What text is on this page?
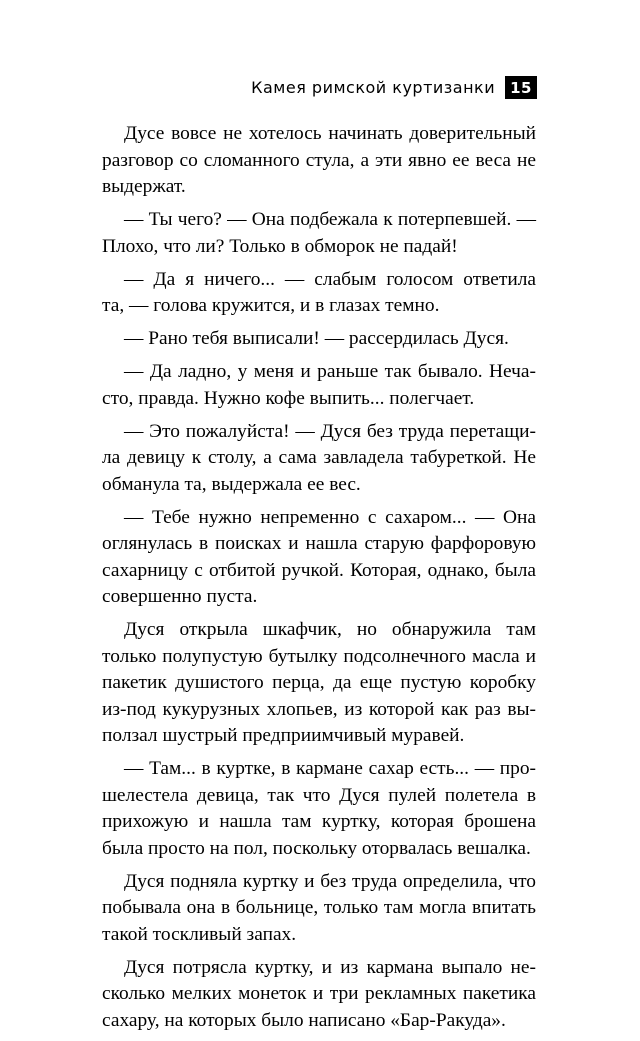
Камея римской куртизанки	15
Дусе вовсе не хотелось начинать доверительный
разговор со сломанного стула, а эти явно ее веса не
выдержат.
— Ты чего? — Она подбежала к потерпевшей. —
Плохо, что ли? Только в обморок не падай!
— Да я ничего... — слабым голосом ответила
та, — голова кружится, и в глазах темно.
— Рано тебя выписали! — рассердилась Дуся.
— Да ладно, у меня и раньше так бывало. Неча-
сто, правда. Нужно кофе выпить... полегчает.
— Это пожалуйста! — Дуся без труда перетащи-
ла девицу к столу, а сама завладела табуреткой. Не
обманула та, выдержала ее вес.
— Тебе нужно непременно с сахаром... — Она
оглянулась в поисках и нашла старую фарфоровую
сахарницу с отбитой ручкой. Которая, однако, была
совершенно пуста.
Дуся открыла шкафчик, но обнаружила там
только полупустую бутылку подсолнечного масла и
пакетик душистого перца, да еще пустую коробку
из-под кукурузных хлопьев, из которой как раз вы-
ползал шустрый предприимчивый муравей.
— Там... в куртке, в кармане сахар есть... — про-
шелестела девица, так что Дуся пулей полетела в
прихожую и нашла там куртку, которая брошена
была просто на пол, поскольку оторвалась вешалка.
Дуся подняла куртку и без труда определила, что
побывала она в больнице, только там могла впитать
такой тоскливый запах.
Дуся потрясла куртку, и из кармана выпало не-
сколько мелких монеток и три рекламных пакетика
сахару, на которых было написано «Бар-Ракуда».
